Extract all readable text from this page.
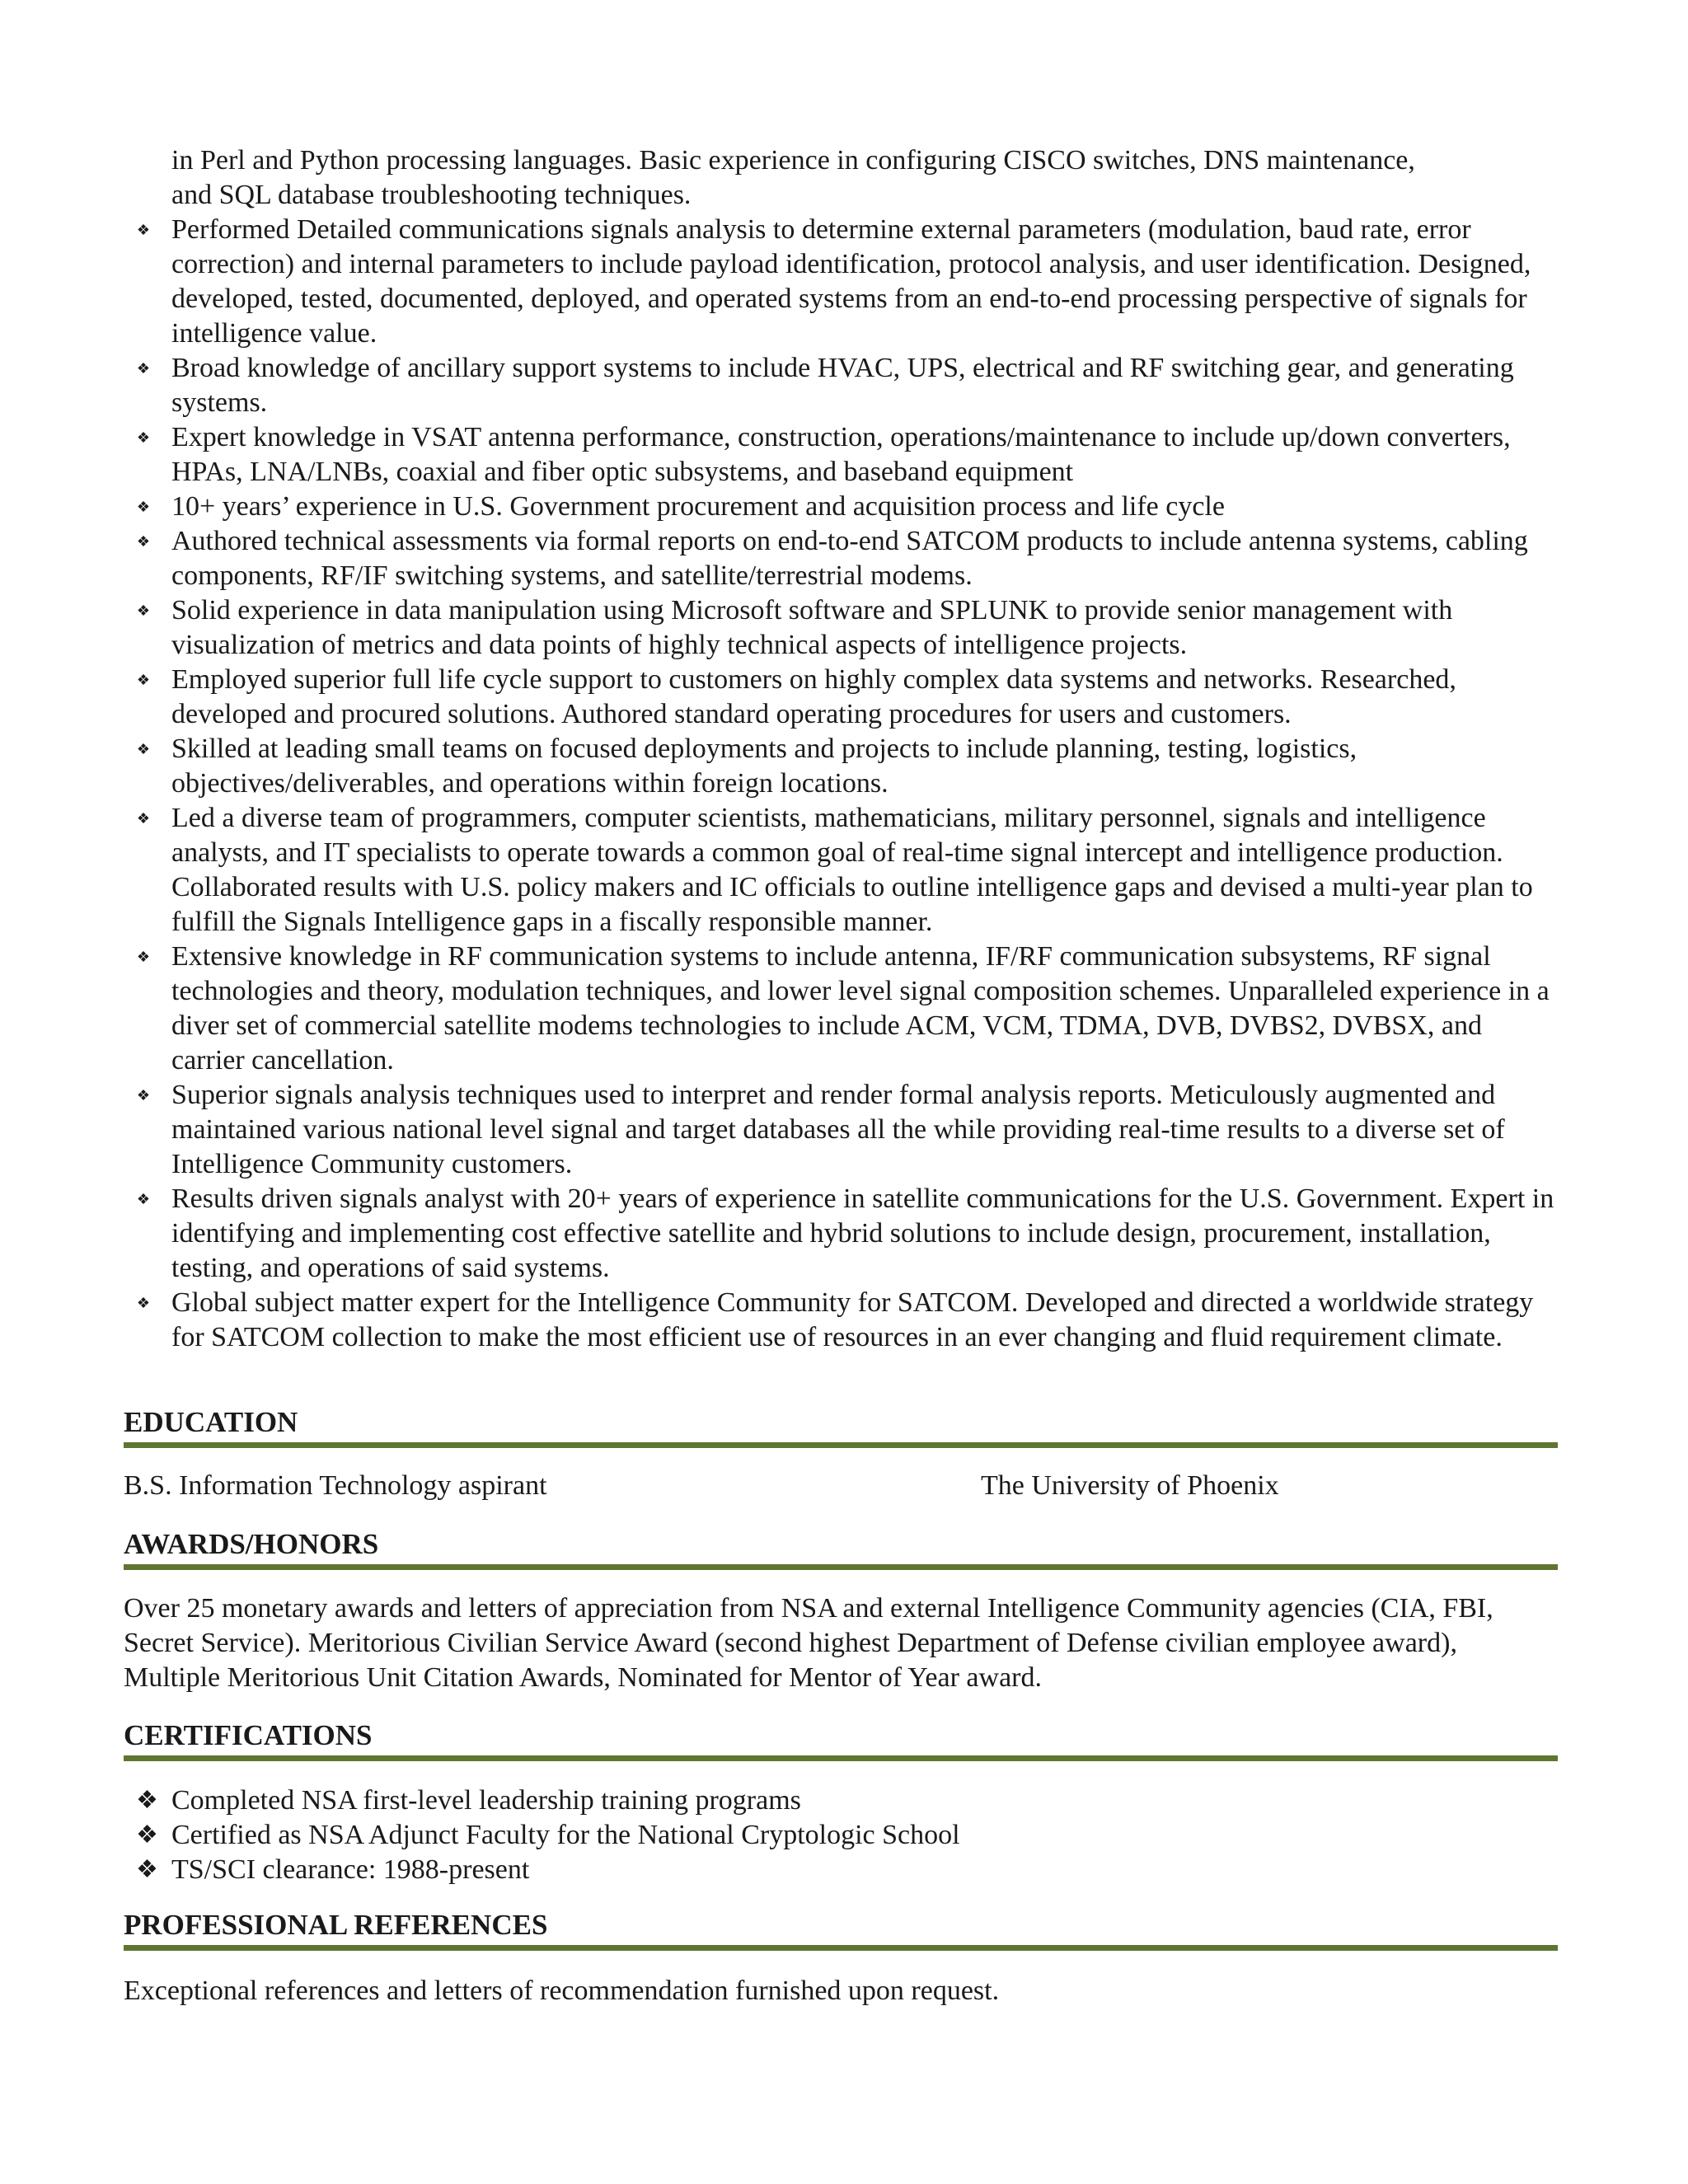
in Perl and Python processing languages. Basic experience in configuring CISCO switches, DNS maintenance,
and SQL database troubleshooting techniques.
❖ Performed Detailed communications signals analysis to determine external parameters (modulation, baud rate, error correction) and internal parameters to include payload identification, protocol analysis, and user identification. Designed, developed, tested, documented, deployed, and operated systems from an end-to-end processing perspective of signals for intelligence value.
❖ Broad knowledge of ancillary support systems to include HVAC, UPS, electrical and RF switching gear, and generating systems.
❖ Expert knowledge in VSAT antenna performance, construction, operations/maintenance to include up/down converters, HPAs, LNA/LNBs, coaxial and fiber optic subsystems, and baseband equipment
❖ 10+ years’ experience in U.S. Government procurement and acquisition process and life cycle
❖ Authored technical assessments via formal reports on end-to-end SATCOM products to include antenna systems, cabling components, RF/IF switching systems, and satellite/terrestrial modems.
❖ Solid experience in data manipulation using Microsoft software and SPLUNK to provide senior management with visualization of metrics and data points of highly technical aspects of intelligence projects.
❖ Employed superior full life cycle support to customers on highly complex data systems and networks. Researched, developed and procured solutions. Authored standard operating procedures for users and customers.
❖ Skilled at leading small teams on focused deployments and projects to include planning, testing, logistics, objectives/deliverables, and operations within foreign locations.
❖ Led a diverse team of programmers, computer scientists, mathematicians, military personnel, signals and intelligence analysts, and IT specialists to operate towards a common goal of real-time signal intercept and intelligence production. Collaborated results with U.S. policy makers and IC officials to outline intelligence gaps and devised a multi-year plan to fulfill the Signals Intelligence gaps in a fiscally responsible manner.
❖ Extensive knowledge in RF communication systems to include antenna, IF/RF communication subsystems, RF signal technologies and theory, modulation techniques, and lower level signal composition schemes. Unparalleled experience in a diver set of commercial satellite modems technologies to include ACM, VCM, TDMA, DVB, DVBS2, DVBSX, and carrier cancellation.
❖ Superior signals analysis techniques used to interpret and render formal analysis reports. Meticulously augmented and maintained various national level signal and target databases all the while providing real-time results to a diverse set of Intelligence Community customers.
❖ Results driven signals analyst with 20+ years of experience in satellite communications for the U.S. Government. Expert in identifying and implementing cost effective satellite and hybrid solutions to include design, procurement, installation, testing, and operations of said systems.
❖ Global subject matter expert for the Intelligence Community for SATCOM. Developed and directed a worldwide strategy for SATCOM collection to make the most efficient use of resources in an ever changing and fluid requirement climate.
EDUCATION
B.S. Information Technology aspirant	The University of Phoenix
AWARDS/HONORS
Over 25 monetary awards and letters of appreciation from NSA and external Intelligence Community agencies (CIA, FBI, Secret Service). Meritorious Civilian Service Award (second highest Department of Defense civilian employee award), Multiple Meritorious Unit Citation Awards, Nominated for Mentor of Year award.
CERTIFICATIONS
❖ Completed NSA first-level leadership training programs
❖ Certified as NSA Adjunct Faculty for the National Cryptologic School
❖ TS/SCI clearance: 1988-present
PROFESSIONAL REFERENCES
Exceptional references and letters of recommendation furnished upon request.
